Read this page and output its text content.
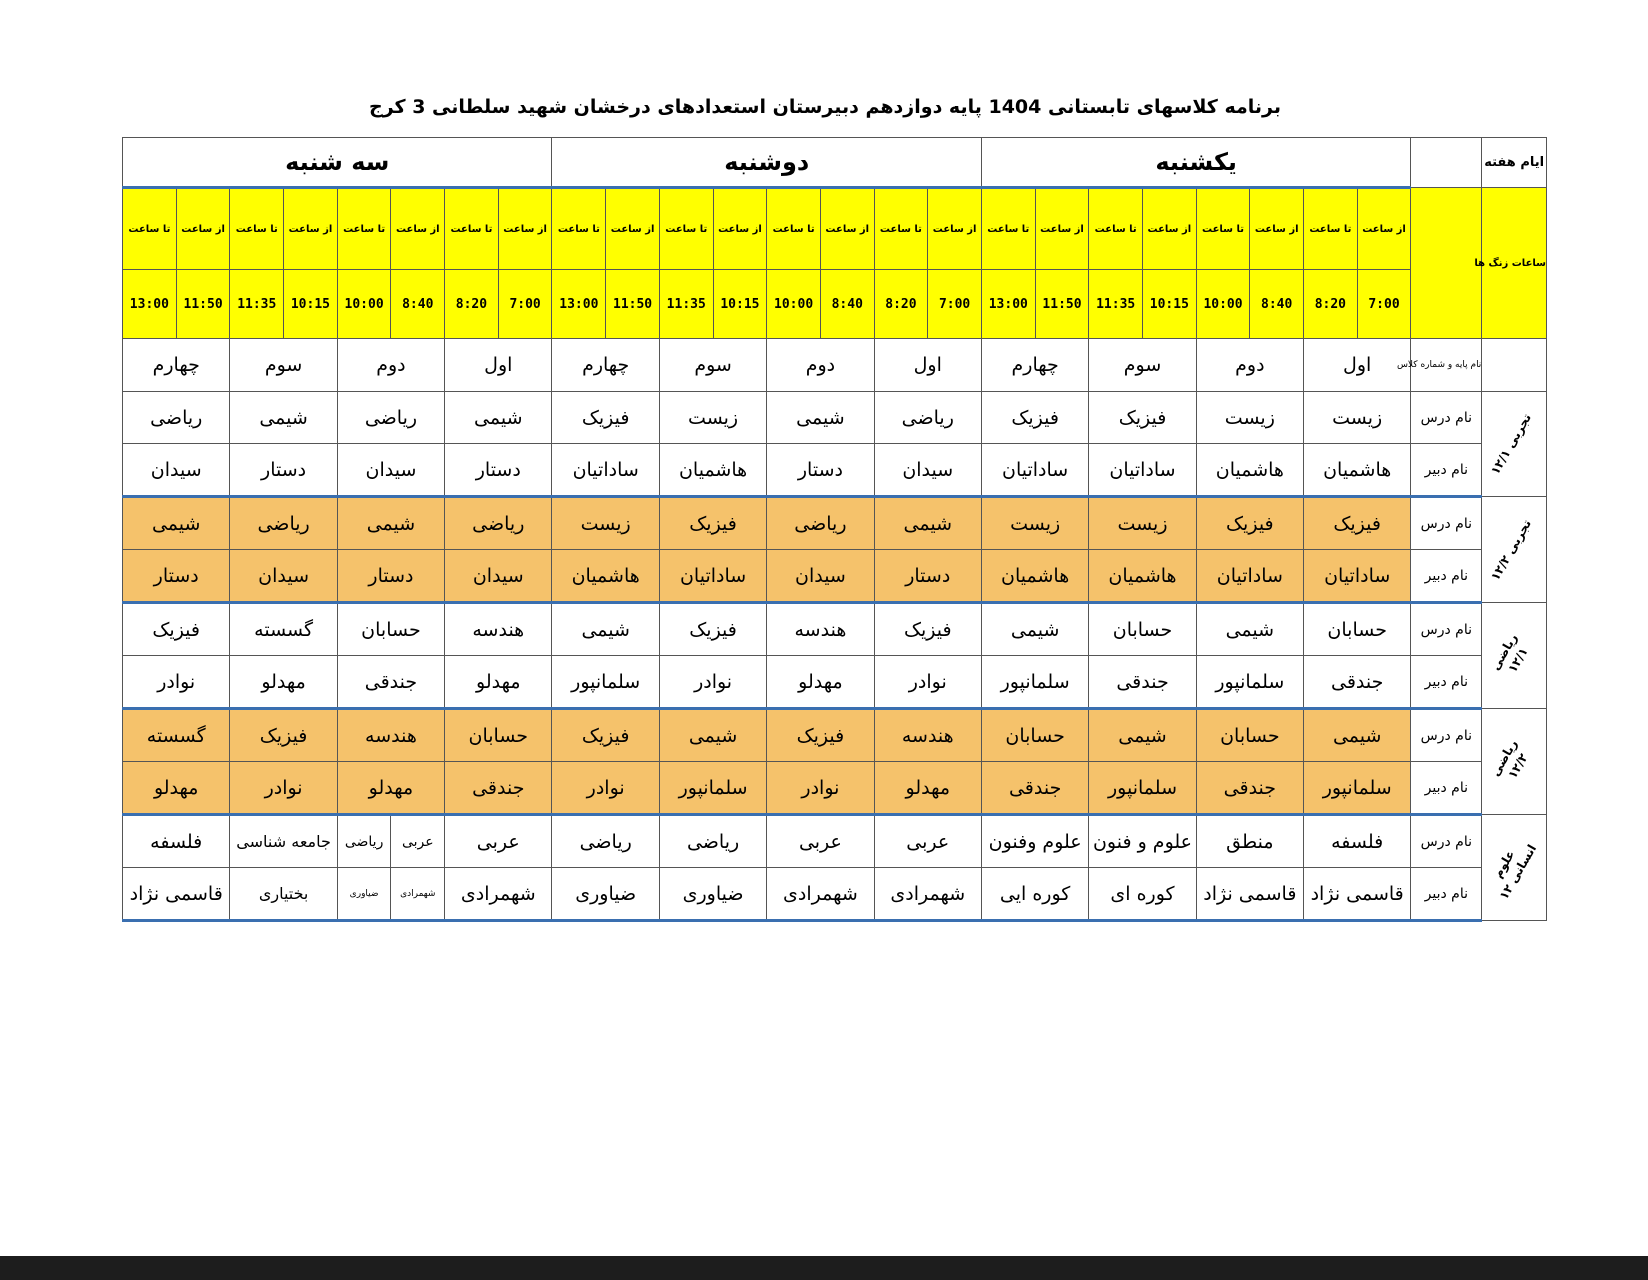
برنامه کلاسهای تابستانی 1404 پایه دوازدهم دبیرستان استعدادهای درخشان شهید سلطانی 3 کرج
ایام هفته		یکشنبه								دوشنبه								سه شنبه							
ساعات زنگ ها		از ساعت	تا ساعت	از ساعت	تا ساعت	از ساعت	تا ساعت	از ساعت	تا ساعت	از ساعت	تا ساعت	از ساعت	تا ساعت	از ساعت	تا ساعت	از ساعت	تا ساعت	از ساعت	تا ساعت	از ساعت	تا ساعت	از ساعت	تا ساعت	از ساعت	تا ساعت
		7:00	8:20	8:40	10:00	10:15	11:35	11:50	13:00	7:00	8:20	8:40	10:00	10:15	11:35	11:50	13:00	7:00	8:20	8:40	10:00	10:15	11:35	11:50	13:00
	نام پایه و شماره کلاس	اول		دوم		سوم		چهارم		اول		دوم		سوم		چهارم		اول		دوم		سوم		چهارم	
تجربی ۱۲/۱	نام درس	زیست		زیست		فیزیک		فیزیک		ریاضی		شیمی		زیست		فیزیک		شیمی		ریاضی		شیمی		ریاضی	
	نام دبیر	هاشمیان		هاشمیان		ساداتیان		ساداتیان		سیدان		دستار		هاشمیان		ساداتیان		دستار		سیدان		دستار		سیدان	
تجربی ۱۲/۲	نام درس	فیزیک		فیزیک		زیست		زیست		شیمی		ریاضی		فیزیک		زیست		ریاضی		شیمی		ریاضی		شیمی	
	نام دبیر	ساداتیان		ساداتیان		هاشمیان		هاشمیان		دستار		سیدان		ساداتیان		هاشمیان		سیدان		دستار		سیدان		دستار	
ریاضی ۱۲/۱	نام درس	حسابان		شیمی		حسابان		شیمی		فیزیک		هندسه		فیزیک		شیمی		هندسه		حسابان		گسسته		فیزیک	
	نام دبیر	جندقی		سلمانپور		جندقی		سلمانپور		نوادر		مهدلو		نوادر		سلمانپور		مهدلو		جندقی		مهدلو		نوادر	
ریاضی ۱۲/۲	نام درس	شیمی		حسابان		شیمی		حسابان		هندسه		فیزیک		شیمی		فیزیک		حسابان		هندسه		فیزیک		گسسته	
	نام دبیر	سلمانپور		جندقی		سلمانپور		جندقی		مهدلو		نوادر		سلمانپور		نوادر		جندقی		مهدلو		نوادر		مهدلو	
علوم انسانی ۱۲	نام درس	فلسفه		منطق		علوم و فنون		علوم وفنون		عربی		عربی		ریاضی		ریاضی		عربی		عربی	ریاضی	جامعه شناسی		فلسفه	
	نام دبیر	قاسمی نژاد		قاسمی نژاد		کوره ای		کوره ایی		شهمرادی		شهمرادی		ضیاوری		ضیاوری		شهمرادی		شهمرادی	ضیاوری	بختیاری		قاسمی نژاد	
